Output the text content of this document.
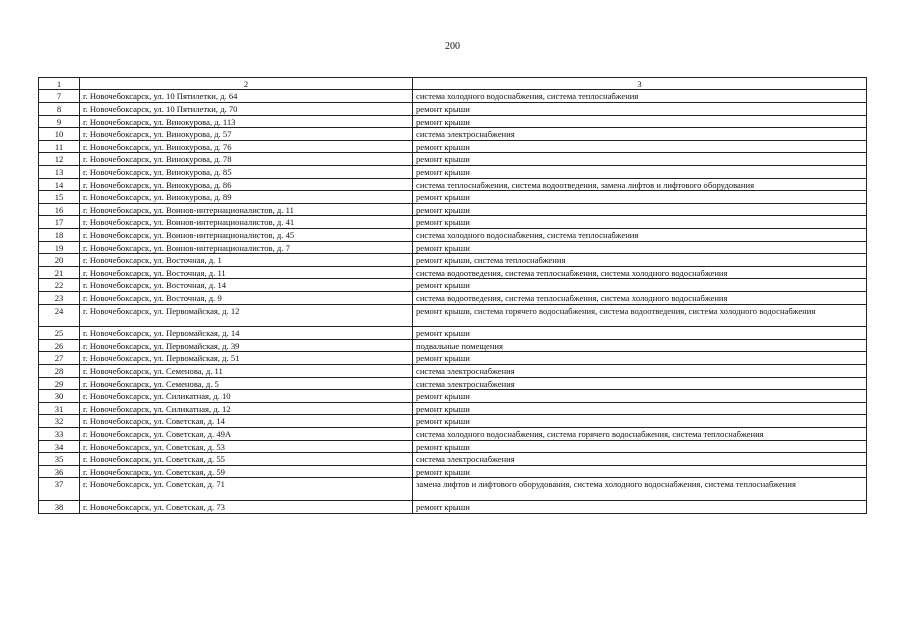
200
1	2	3
7	г. Новочебоксарск, ул. 10 Пятилетки, д. 64	система холодного водоснабжения, система теплоснабжения
8	г. Новочебоксарск, ул. 10 Пятилетки, д. 70	ремонт крыши
9	г. Новочебоксарск, ул. Винокурова, д. 113	ремонт крыши
10	г. Новочебоксарск, ул. Винокурова, д. 57	система электроснабжения
11	г. Новочебоксарск, ул. Винокурова, д. 76	ремонт крыши
12	г. Новочебоксарск, ул. Винокурова, д. 78	ремонт крыши
13	г. Новочебоксарск, ул. Винокурова, д. 85	ремонт крыши
14	г. Новочебоксарск, ул. Винокурова, д. 86	система теплоснабжения, система водоотведения, замена лифтов и лифтового оборудования
15	г. Новочебоксарск, ул. Винокурова, д. 89	ремонт крыши
16	г. Новочебоксарск, ул. Воинов-интернационалистов, д. 11	ремонт крыши
17	г. Новочебоксарск, ул. Воинов-интернационалистов, д. 41	ремонт крыши
18	г. Новочебоксарск, ул. Воинов-интернационалистов, д. 45	система холодного водоснабжения, система теплоснабжения
19	г. Новочебоксарск, ул. Воинов-интернационалистов, д. 7	ремонт крыши
20	г. Новочебоксарск, ул. Восточная, д. 1	ремонт крыши, система теплоснабжения
21	г. Новочебоксарск, ул. Восточная, д. 11	система водоотведения, система теплоснабжения, система холодного водоснабжения
22	г. Новочебоксарск, ул. Восточная, д. 14	ремонт крыши
23	г. Новочебоксарск, ул. Восточная, д. 9	система водоотведения, система теплоснабжения, система холодного водоснабжения
24	г. Новочебоксарск, ул. Первомайская, д. 12	ремонт крыши, система горячего водоснабжения, система водоотведения, система холодного водоснабжения
25	г. Новочебоксарск, ул. Первомайская, д. 14	ремонт крыши
26	г. Новочебоксарск, ул. Первомайская, д. 39	подвальные помещения
27	г. Новочебоксарск, ул. Первомайская, д. 51	ремонт крыши
28	г. Новочебоксарск, ул. Семенова, д. 11	система электроснабжения
29	г. Новочебоксарск, ул. Семенова, д. 5	система электроснабжения
30	г. Новочебоксарск, ул. Силикатная, д. 10	ремонт крыши
31	г. Новочебоксарск, ул. Силикатная, д. 12	ремонт крыши
32	г. Новочебоксарск, ул. Советская, д. 14	ремонт крыши
33	г. Новочебоксарск, ул. Советская, д. 49А	система холодного водоснабжения, система горячего водоснабжения, система теплоснабжения
34	г. Новочебоксарск, ул. Советская, д. 53	ремонт крыши
35	г. Новочебоксарск, ул. Советская, д. 55	система электроснабжения
36	г. Новочебоксарск, ул. Советская, д. 59	ремонт крыши
37	г. Новочебоксарск, ул. Советская, д. 71	замена лифтов и лифтового оборудования, система холодного водоснабжения, система теплоснабжения
38	г. Новочебоксарск, ул. Советская, д. 73	ремонт крыши
